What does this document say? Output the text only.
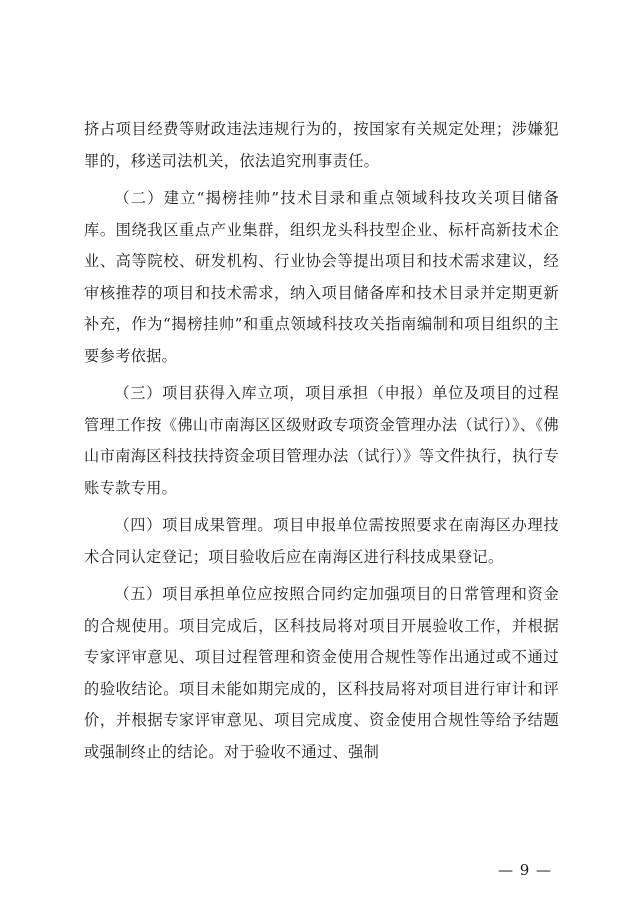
挤占项目经费等财政违法违规行为的，按国家有关规定处理；涉嫌犯罪的，移送司法机关，依法追究刑事责任。

（二）建立“揭榜挂帅”技术目录和重点领域科技攻关项目储备库。围绕我区重点产业集群，组织龙头科技型企业、标杆高新技术企业、高等院校、研发机构、行业协会等提出项目和技术需求建议，经审核推荐的项目和技术需求，纳入项目储备库和技术目录并定期更新补充，作为“揭榜挂帅”和重点领域科技攻关指南编制和项目组织的主要参考依据。

（三）项目获得入库立项，项目承担（申报）单位及项目的过程管理工作按《佛山市南海区区级财政专项资金管理办法（试行）》、《佛山市南海区科技扶持资金项目管理办法（试行）》等文件执行，执行专账专款专用。

（四）项目成果管理。项目申报单位需按照要求在南海区办理技术合同认定登记；项目验收后应在南海区进行科技成果登记。

（五）项目承担单位应按照合同约定加强项目的日常管理和资金的合规使用。项目完成后，区科技局将对项目开展验收工作，并根据专家评审意见、项目过程管理和资金使用合规性等作出通过或不通过的验收结论。项目未能如期完成的，区科技局将对项目进行审计和评价，并根据专家评审意见、项目完成度、资金使用合规性等给予结题或强制终止的结论。对于验收不通过、强制

— 9 —
